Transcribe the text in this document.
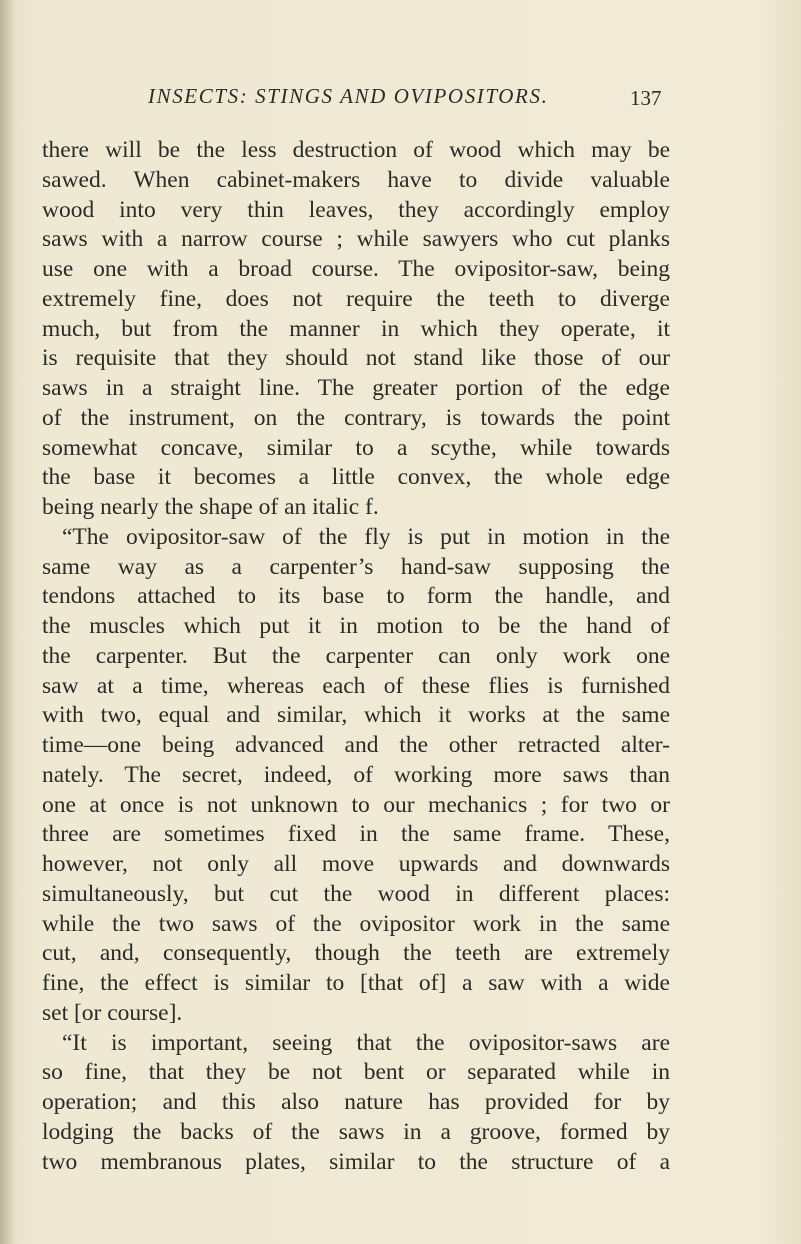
INSECTS: STINGS AND OVIPOSITORS.	137
there will be the less destruction of wood which may be
sawed. When cabinet-makers have to divide valuable
wood into very thin leaves, they accordingly employ
saws with a narrow course ; while sawyers who cut planks
use one with a broad course. The ovipositor-saw, being
extremely fine, does not require the teeth to diverge
much, but from the manner in which they operate, it
is requisite that they should not stand like those of our
saws in a straight line. The greater portion of the edge
of the instrument, on the contrary, is towards the point
somewhat concave, similar to a scythe, while towards
the base it becomes a little convex, the whole edge
being nearly the shape of an italic f.
“The ovipositor-saw of the fly is put in motion in the
same way as a carpenter’s hand-saw supposing the
tendons attached to its base to form the handle, and
the muscles which put it in motion to be the hand of
the carpenter. But the carpenter can only work one
saw at a time, whereas each of these flies is furnished
with two, equal and similar, which it works at the same
time—one being advanced and the other retracted alter-
nately. The secret, indeed, of working more saws than
one at once is not unknown to our mechanics ; for two or
three are sometimes fixed in the same frame. These,
however, not only all move upwards and downwards
simultaneously, but cut the wood in different places:
while the two saws of the ovipositor work in the same
cut, and, consequently, though the teeth are extremely
fine, the effect is similar to [that of] a saw with a wide
set [or course].
“It is important, seeing that the ovipositor-saws are
so fine, that they be not bent or separated while in
operation; and this also nature has provided for by
lodging the backs of the saws in a groove, formed by
two membranous plates, similar to the structure of a
